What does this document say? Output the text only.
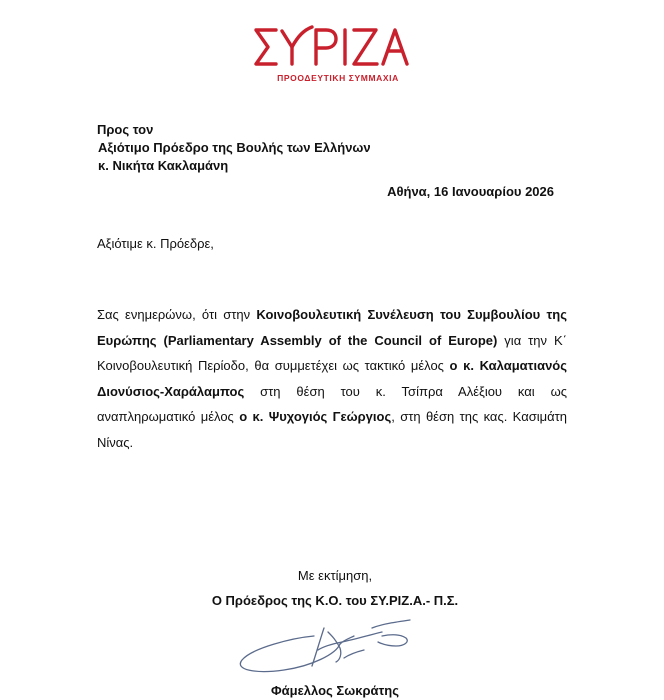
ΠΡΟΟΔΕΥΤΙΚΗ ΣΥΜΜΑΧΙΑ
Προς τον
Αξιότιμο Πρόεδρο της Βουλής των Ελλήνων
κ. Νικήτα Κακλαμάνη
Αθήνα, 16 Ιανουαρίου 2026
Αξιότιμε κ. Πρόεδρε,
Σας ενημερώνω, ότι στην Κοινοβουλευτική Συνέλευση του Συμβουλίου της Ευρώπης (Parliamentary Assembly of the Council of Europe) για την Κ΄ Κοινοβουλευτική Περίοδο, θα συμμετέχει ως τακτικό μέλος ο κ. Καλαματιανός Διονύσιος-Χαράλαμπος στη θέση του κ. Τσίπρα Αλέξιου και ως αναπληρωματικό μέλος ο κ. Ψυχογιός Γεώργιος, στη θέση της κας. Κασιμάτη Νίνας.
Με εκτίμηση,
Ο Πρόεδρος της Κ.Ο. του ΣΥ.ΡΙΖ.Α.- Π.Σ.
Φάμελλος Σωκράτης
